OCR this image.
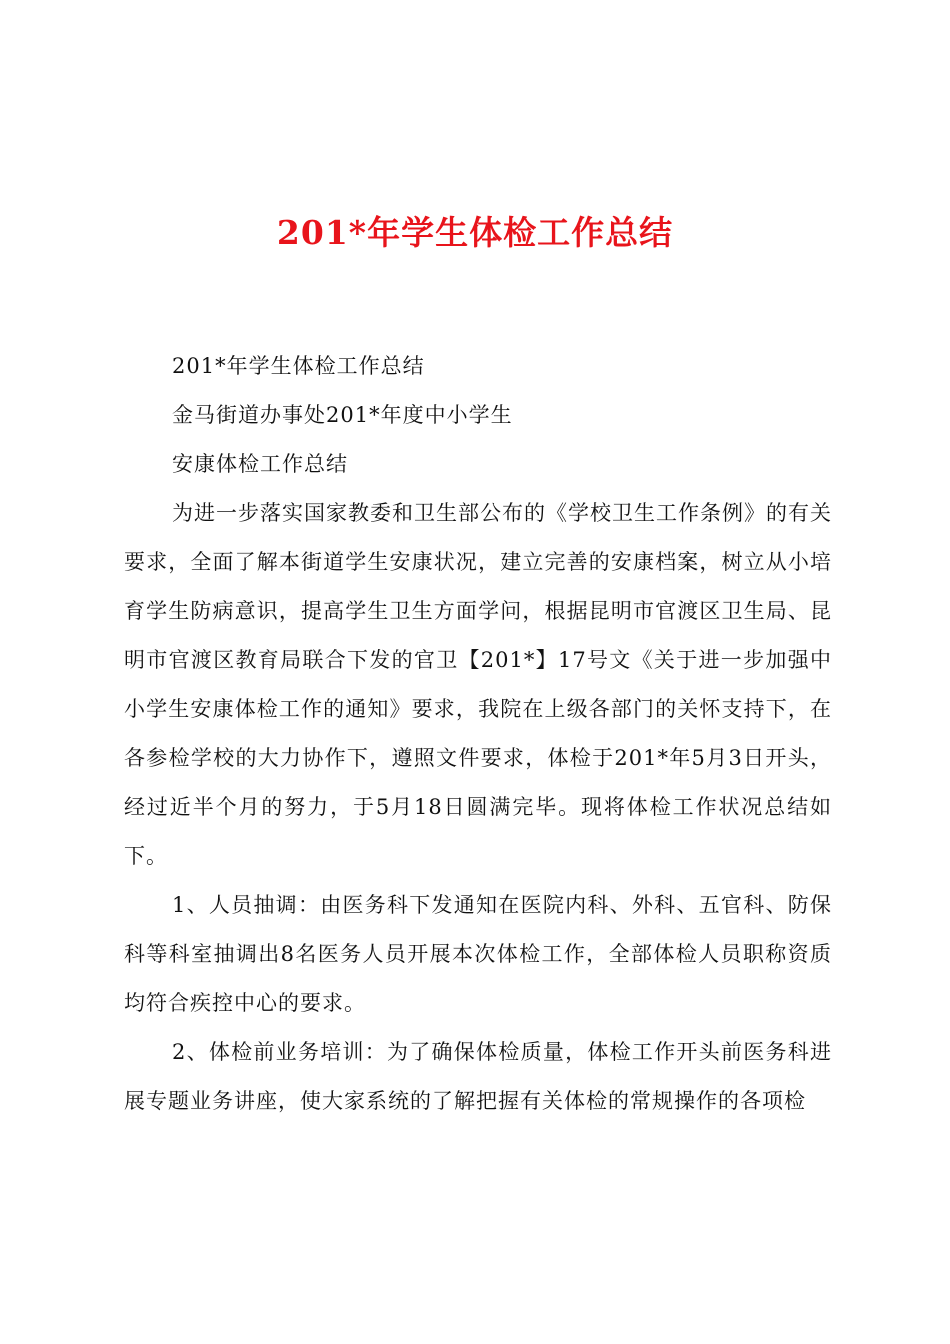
201*年学生体检工作总结

201*年学生体检工作总结

金马街道办事处201*年度中小学生

安康体检工作总结

为进一步落实国家教委和卫生部公布的《学校卫生工作条例》的有关要求，全面了解本街道学生安康状况，建立完善的安康档案，树立从小培育学生防病意识，提高学生卫生方面学问，根据昆明市官渡区卫生局、昆明市官渡区教育局联合下发的官卫【201*】17号文《关于进一步加强中小学生安康体检工作的通知》要求，我院在上级各部门的关怀支持下，在各参检学校的大力协作下，遵照文件要求，体检于201*年5月3日开头，经过近半个月的努力，于5月18日圆满完毕。现将体检工作状况总结如下。

1、人员抽调：由医务科下发通知在医院内科、外科、五官科、防保科等科室抽调出8名医务人员开展本次体检工作，全部体检人员职称资质均符合疾控中心的要求。

2、体检前业务培训：为了确保体检质量，体检工作开头前医务科进展专题业务讲座，使大家系统的了解把握有关体检的常规操作的各项检
